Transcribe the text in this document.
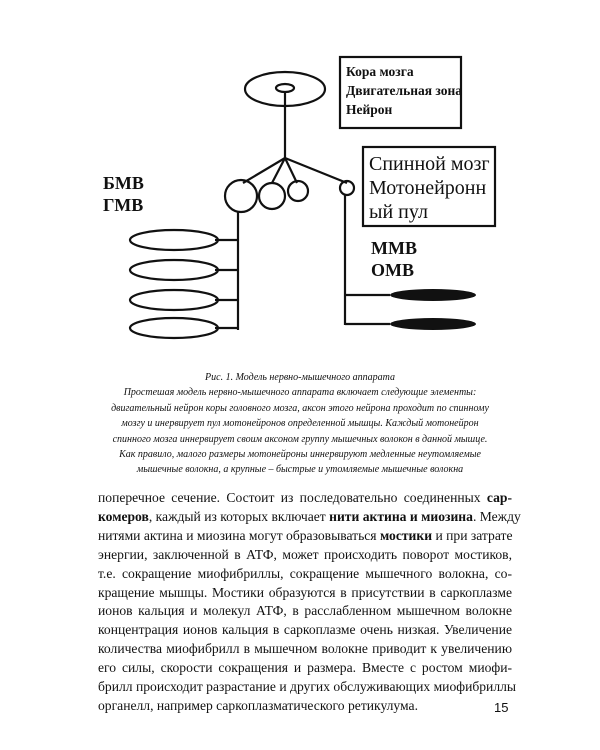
Кора мозга
Двигательная зона
Нейрон
Спинной мозг
Мотонейронн
ый пул
БМВ
ГМВ
ММВ
ОМВ
Рис. 1. Модель нервно-мышечного аппарата
Простешая модель нервно-мышечного аппарата включает следующие элементы:
двигательный нейрон коры головного мозга, аксон этого нейрона проходит по спинному
мозгу и инервирует пул мотонейронов определенной мышцы. Каждый мотонейрон
спинного мозга иннервирует своим аксоном группу мышечных волокон в данной мышце.
Как правило, малого размеры мотонейроны иннервируют медленные неутомляемые
мышечные волокна, а крупные – быстрые и утомляемые мышечные волокна
поперечное сечение. Состоит из последовательно соединенных сар-
комеров, каждый из которых включает нити актина и миозина. Между
нитями актина и миозина могут образовываться мостики и при затрате
энергии, заключенной в АТФ, может происходить поворот мостиков,
т.е. сокращение миофибриллы, сокращение мышечного волокна, со-
кращение мышцы. Мостики образуются в присутствии в саркоплазме
ионов кальция и молекул АТФ, в расслабленном мышечном волокне
концентрация ионов кальция в саркоплазме очень низкая. Увеличение
количества миофибрилл в мышечном волокне приводит к увеличению
его силы, скорости сокращения и размера. Вместе с ростом миофи-
брилл происходит разрастание и других обслуживающих миофибриллы
органелл, например саркоплазматического ретикулума.	15
